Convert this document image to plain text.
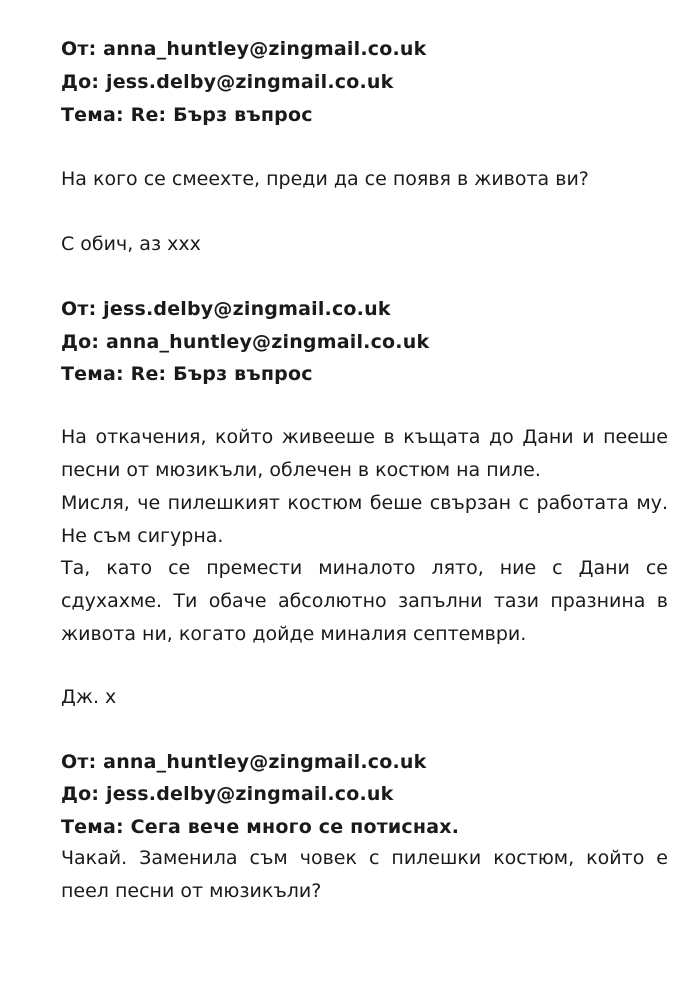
От: anna_huntley@zingmail.co.uk
До: jess.delby@zingmail.co.uk
Тема: Re: Бърз въпрос
На кого се смеехте, преди да се появя в живота ви?
С обич, аз xxx
От: jess.delby@zingmail.co.uk
До: anna_huntley@zingmail.co.uk
Тема: Re: Бърз въпрос
На откачения, който живееше в къщата до Дани и пееше песни от мюзикъли, облечен в костюм на пиле.
Мисля, че пилешкият костюм беше свързан с работата му. Не съм сигурна.
Та, като се премести миналото лято, ние с Дани се сдухахме. Ти обаче абсолютно запълни тази празнина в живота ни, когато дойде миналия септември.
Дж. x
От: anna_huntley@zingmail.co.uk
До: jess.delby@zingmail.co.uk
Тема: Сега вече много се потиснах.
Чакай. Заменила съм човек с пилешки костюм, който е пеел песни от мюзикъли?
